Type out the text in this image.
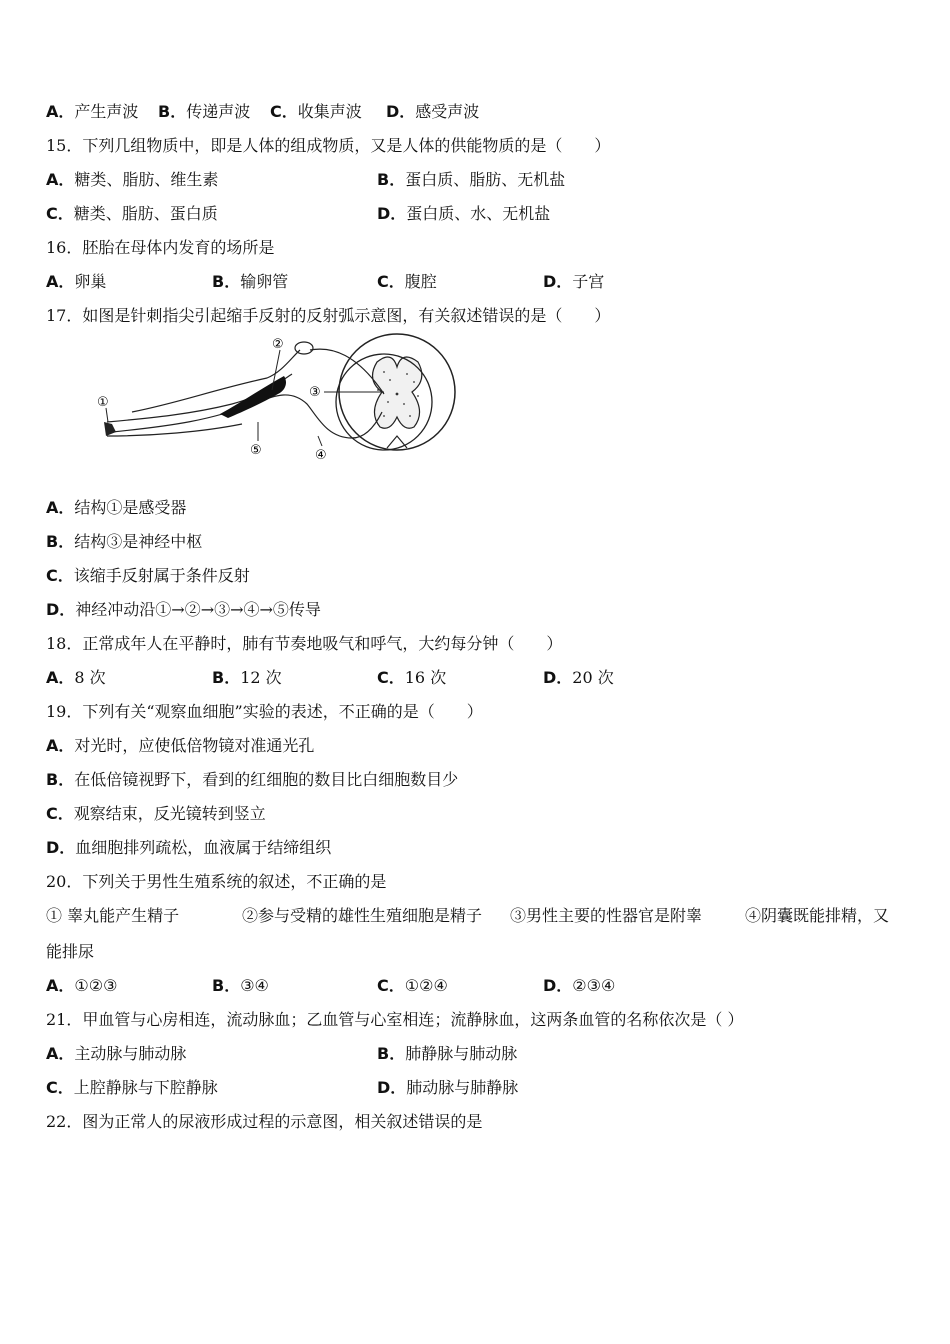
A．产生声波 B．传递声波 C．收集声波 D．感受声波
15．下列几组物质中，即是人体的组成物质，又是人体的供能物质的是（　　）
A．糖类、脂肪、维生素	B．蛋白质、脂肪、无机盐
C．糖类、脂肪、蛋白质	D．蛋白质、水、无机盐
16．胚胎在母体内发育的场所是
A．卵巢	B．输卵管	C．腹腔	D．子宫
17．如图是针刺指尖引起缩手反射的反射弧示意图，有关叙述错误的是（　　）
①
②
③
④
⑤
A．结构①是感受器
B．结构③是神经中枢
C．该缩手反射属于条件反射
D．神经冲动沿①→②→③→④→⑤传导
18．正常成年人在平静时，肺有节奏地吸气和呼气，大约每分钟（　　）
A．8 次	B．12 次	C．16 次	D．20 次
19．下列有关“观察血细胞”实验的表述，不正确的是（　　）
A．对光时，应使低倍物镜对准通光孔
B．在低倍镜视野下，看到的红细胞的数目比白细胞数目少
C．观察结束，反光镜转到竖立
D．血细胞排列疏松，血液属于结缔组织
20．下列关于男性生殖系统的叙述，不正确的是
① 睾丸能产生精子	②参与受精的雄性生殖细胞是精子 ③男性主要的性器官是附睾	④阴囊既能排精，又
能排尿
A．①②③	B．③④	C．①②④	D．②③④
21．甲血管与心房相连，流动脉血；乙血管与心室相连；流静脉血，这两条血管的名称依次是（ ）
A．主动脉与肺动脉	B．肺静脉与肺动脉
C．上腔静脉与下腔静脉	D．肺动脉与肺静脉
22．图为正常人的尿液形成过程的示意图，相关叙述错误的是
